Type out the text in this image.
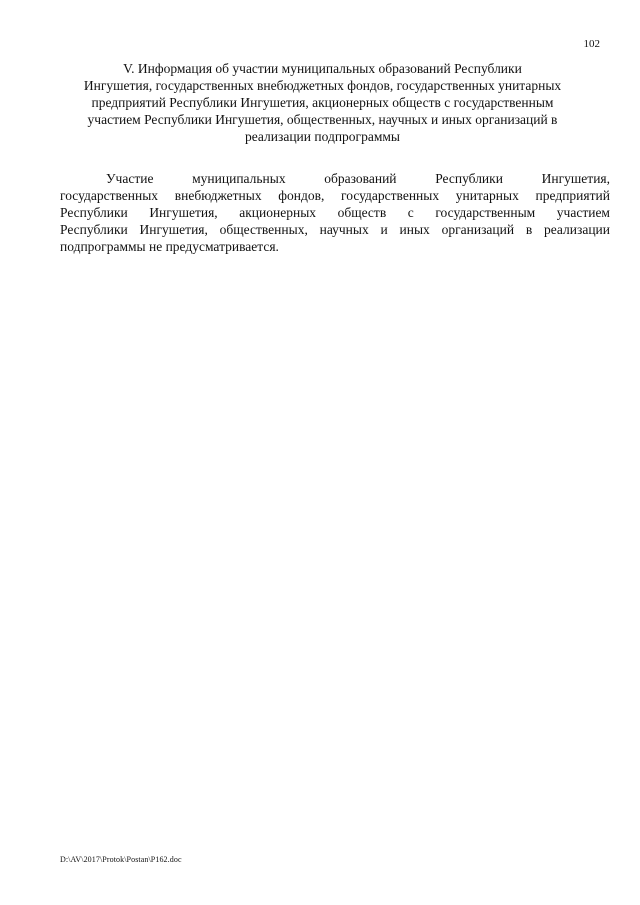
102
V. Информация об участии муниципальных образований Республики
Ингушетия, государственных внебюджетных фондов, государственных унитарных
предприятий Республики Ингушетия, акционерных обществ с государственным
участием Республики Ингушетия, общественных, научных и иных организаций в
реализации подпрограммы
Участие	муниципальных	образований	Республики	Ингушетия,
государственных внебюджетных фондов, государственных унитарных предприятий
Республики Ингушетия, акционерных обществ с государственным участием
Республики Ингушетия, общественных, научных и иных организаций в реализации
подпрограммы не предусматривается.
D:\AV\2017\Protok\Postan\P162.doc
